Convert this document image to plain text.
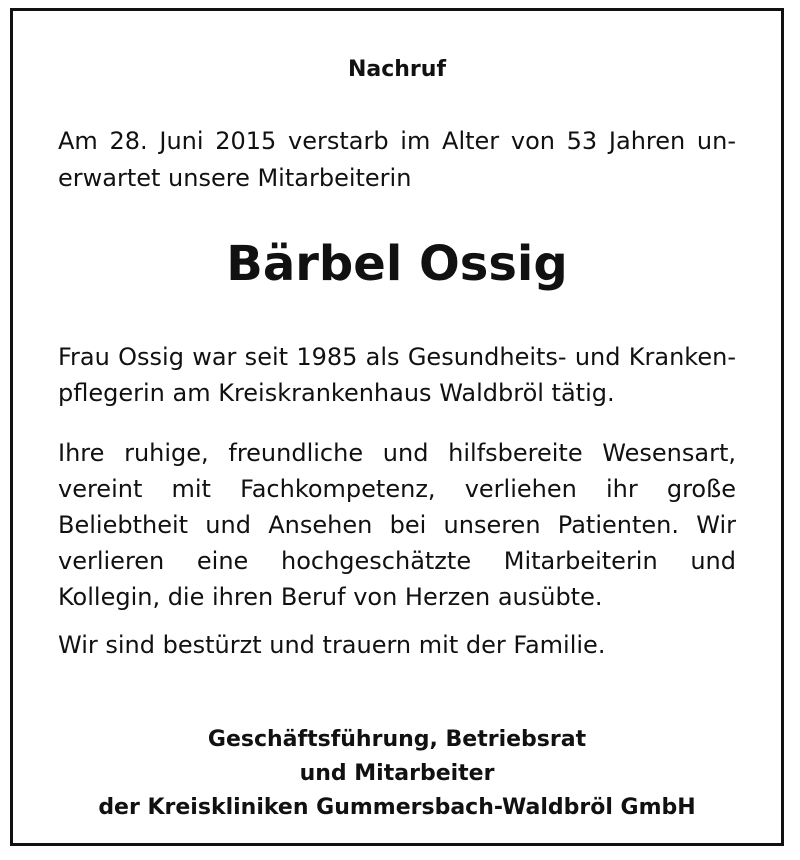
Nachruf
Am 28. Juni 2015 verstarb im Alter von 53 Jahren un-
erwartet unsere Mitarbeiterin
Bärbel Ossig
Frau Ossig war seit 1985 als Gesundheits- und Kranken-
pflegerin am Kreiskrankenhaus Waldbröl tätig.
Ihre ruhige, freundliche und hilfsbereite Wesensart,
vereint mit Fachkompetenz, verliehen ihr große
Beliebtheit und Ansehen bei unseren Patienten. Wir
verlieren eine hochgeschätzte Mitarbeiterin und
Kollegin, die ihren Beruf von Herzen ausübte.
Wir sind bestürzt und trauern mit der Familie.
Geschäftsführung, Betriebsrat
und Mitarbeiter
der Kreiskliniken Gummersbach-Waldbröl GmbH
